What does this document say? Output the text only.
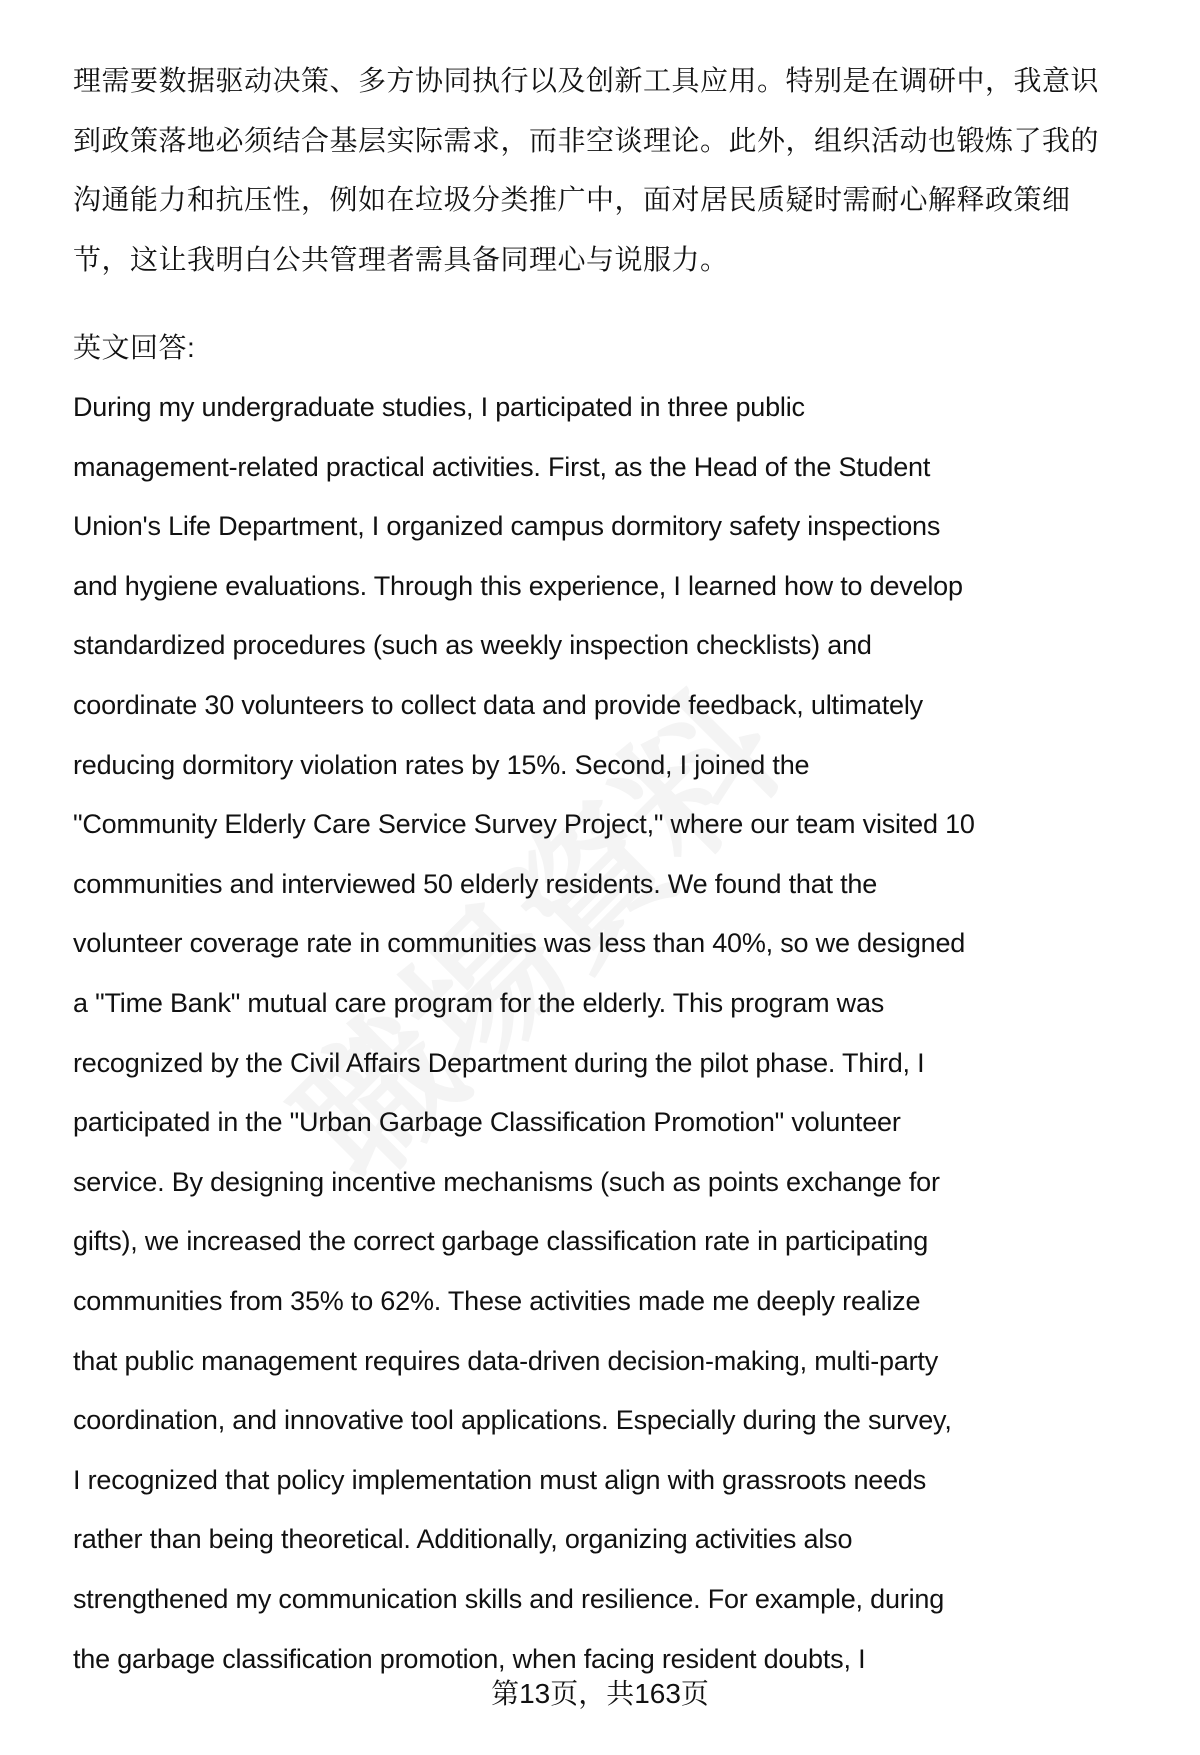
理需要数据驱动决策、多方协同执行以及创新工具应用。特别是在调研中，我意识
到政策落地必须结合基层实际需求，而非空谈理论。此外，组织活动也锻炼了我的
沟通能力和抗压性，例如在垃圾分类推广中，面对居民质疑时需耐心解释政策细
节，这让我明白公共管理者需具备同理心与说服力。
英文回答:
During my undergraduate studies, I participated in three public
management-related practical activities. First, as the Head of the Student
Union's Life Department, I organized campus dormitory safety inspections
and hygiene evaluations. Through this experience, I learned how to develop
standardized procedures (such as weekly inspection checklists) and
coordinate 30 volunteers to collect data and provide feedback, ultimately
reducing dormitory violation rates by 15%. Second, I joined the
"Community Elderly Care Service Survey Project," where our team visited 10
communities and interviewed 50 elderly residents. We found that the
volunteer coverage rate in communities was less than 40%, so we designed
a "Time Bank" mutual care program for the elderly. This program was
recognized by the Civil Affairs Department during the pilot phase. Third, I
participated in the "Urban Garbage Classification Promotion" volunteer
service. By designing incentive mechanisms (such as points exchange for
gifts), we increased the correct garbage classification rate in participating
communities from 35% to 62%. These activities made me deeply realize
that public management requires data-driven decision-making, multi-party
coordination, and innovative tool applications. Especially during the survey,
I recognized that policy implementation must align with grassroots needs
rather than being theoretical. Additionally, organizing activities also
strengthened my communication skills and resilience. For example, during
the garbage classification promotion, when facing resident doubts, I
第13页，共163页
